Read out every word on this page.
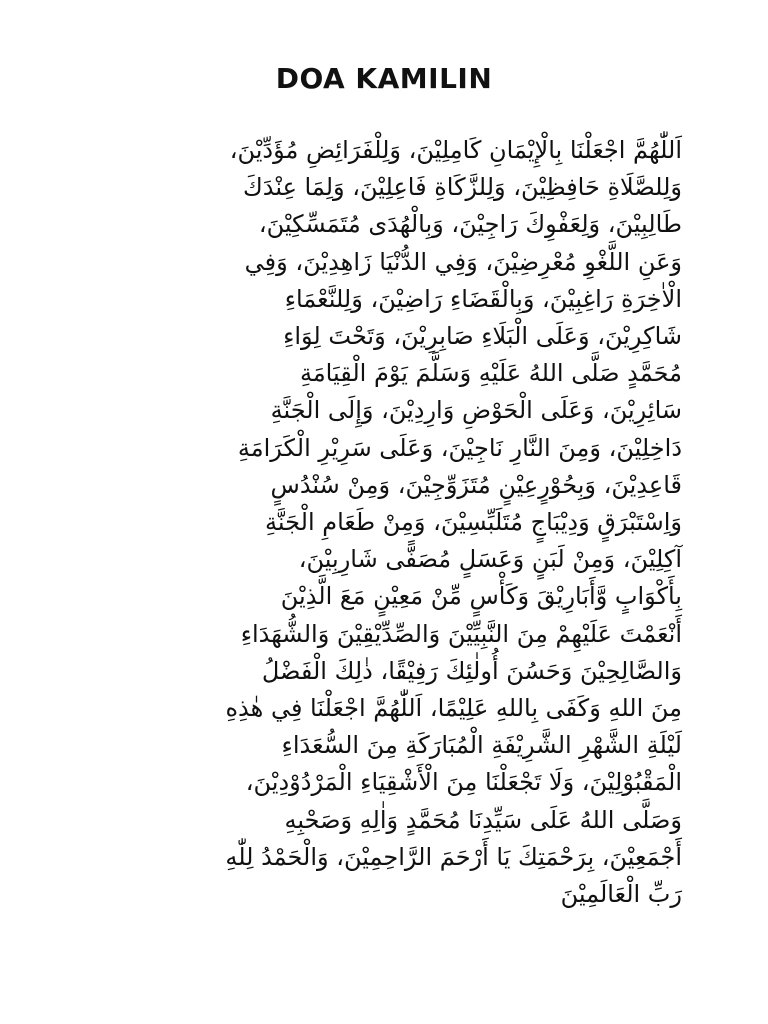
DOA KAMILIN
اَللّٰهُمَّ اجْعَلْنَا بِالْإِيْمَانِ كَامِلِيْنَ، وَلِلْفَرَائِضِ مُؤَدِّيْنَ،
وَلِلصَّلَاةِ حَافِظِيْنَ، وَلِلزَّكَاةِ فَاعِلِيْنَ، وَلِمَا عِنْدَكَ
طَالِبِيْنَ، وَلِعَفْوِكَ رَاجِيْنَ، وَبِالْهُدَى مُتَمَسِّكِيْنَ،
وَعَنِ اللَّغْوِ مُعْرِضِيْنَ، وَفِي الدُّنْيَا زَاهِدِيْنَ، وَفِي
الْاٰخِرَةِ رَاغِبِيْنَ، وَبِالْقَضَاءِ رَاضِيْنَ، وَلِلنَّعْمَاءِ
شَاكِرِيْنَ، وَعَلَى الْبَلَاءِ صَابِرِيْنَ، وَتَحْتَ لِوَاءِ
مُحَمَّدٍ صَلَّى اللهُ عَلَيْهِ وَسَلَّمَ يَوْمَ الْقِيَامَةِ
سَائِرِيْنَ، وَعَلَى الْحَوْضِ وَارِدِيْنَ، وَإِلَى الْجَنَّةِ
دَاخِلِيْنَ، وَمِنَ النَّارِ نَاجِيْنَ، وَعَلَى سَرِيْرِ الْكَرَامَةِ
قَاعِدِيْنَ، وَبِحُوْرٍعِيْنٍ مُتَزَوِّجِيْنَ، وَمِنْ سُنْدُسٍ
وَاِسْتَبْرَقٍ وَدِيْبَاجٍ مُتَلَبِّسِيْنَ، وَمِنْ طَعَامِ الْجَنَّةِ
آكِلِيْنَ، وَمِنْ لَبَنٍ وَعَسَلٍ مُصَفًّى شَارِبِيْنَ،
بِأَكْوَابٍ وَّأَبَارِيْقَ وَكَأْسٍ مِّنْ مَعِيْنٍ مَعَ الَّذِيْنَ
أَنْعَمْتَ عَلَيْهِمْ مِنَ النَّبِيِّيْنَ وَالصِّدِّيْقِيْنَ وَالشُّهَدَاءِ
وَالصَّالِحِيْنَ وَحَسُنَ أُولٰئِكَ رَفِيْقًا، ذٰلِكَ الْفَضْلُ
مِنَ اللهِ وَكَفَى بِاللهِ عَلِيْمًا، اَللّٰهُمَّ اجْعَلْنَا فِي هٰذِهِ
لَيْلَةِ الشَّهْرِ الشَّرِيْفَةِ الْمُبَارَكَةِ مِنَ السُّعَدَاءِ
الْمَقْبُوْلِيْنَ، وَلَا تَجْعَلْنَا مِنَ الْأَشْقِيَاءِ الْمَرْدُوْدِيْنَ،
وَصَلَّى اللهُ عَلَى سَيِّدِنَا مُحَمَّدٍ وَاٰلِهِ وَصَحْبِهِ
أَجْمَعِيْنَ، بِرَحْمَتِكَ يَا أَرْحَمَ الرَّاحِمِيْنَ، وَالْحَمْدُ لِلّٰهِ
رَبِّ الْعَالَمِيْنَ
